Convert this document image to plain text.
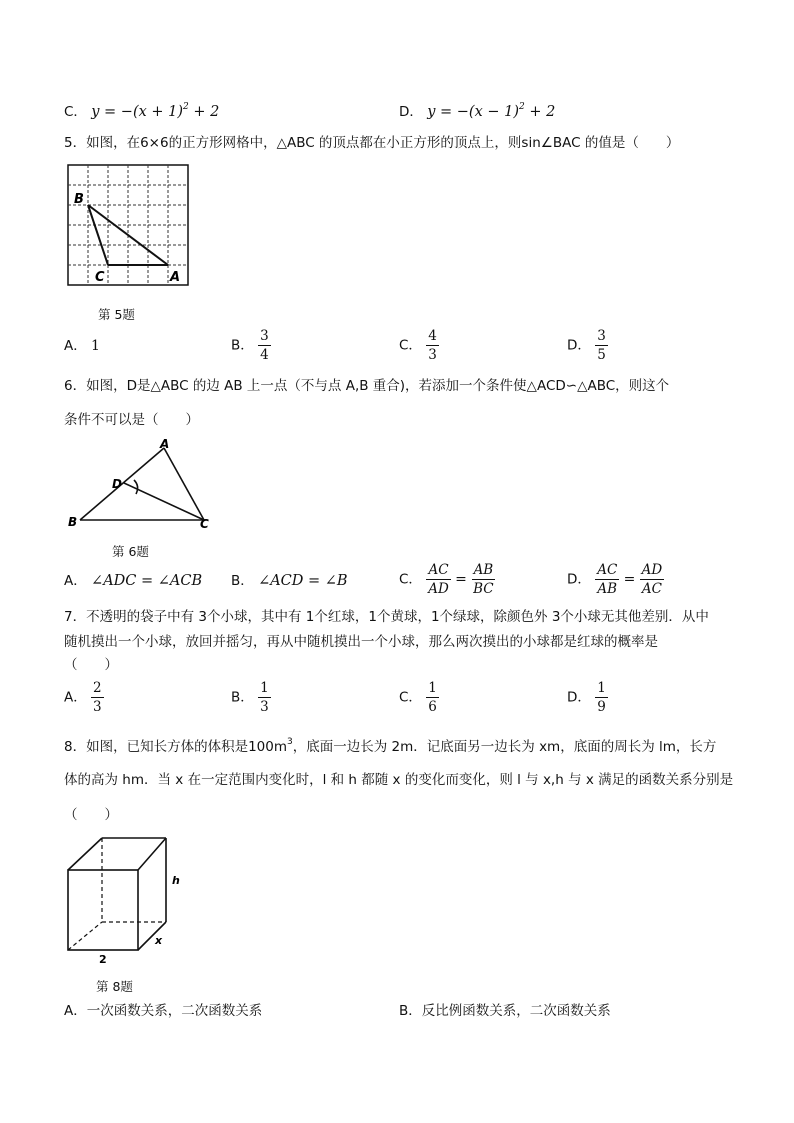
C． $y = -(x + 1)^2 + 2$	D． $y = -(x - 1)^2 + 2$
5．如图，在6×6的正方形网格中，△ABC 的顶点都在小正方形的顶点上，则sin∠BAC 的值是（　　）
B
C	A
第 5题
A． 1	B． $\frac{3}{4}$	C． $\frac{4}{3}$	D． $\frac{3}{5}$
6．如图，D是△ABC 的边 AB 上一点（不与点 A,B 重合)，若添加一个条件使△ACD∽△ABC，则这个
条件不可以是（　　）
A
D
B	C
第 6题
A． ∠ADC = ∠ACB B． ∠ACD = ∠B	C． $\frac{AC}{AD} = \frac{AB}{BC}$	D． $\frac{AC}{AB} = \frac{AD}{AC}$
7．不透明的袋子中有 3个小球，其中有 1个红球，1个黄球，1个绿球，除颜色外 3个小球无其他差别．从中
随机摸出一个小球，放回并摇匀，再从中随机摸出一个小球，那么两次摸出的小球都是红球的概率是
（　　）
A． $\frac{2}{3}$	B． $\frac{1}{3}$	C． $\frac{1}{6}$	D． $\frac{1}{9}$
8．如图，已知长方体的体积是$100m^3$，底面一边长为 2m．记底面另一边长为 xm，底面的周长为 lm，长方
体的高为 hm．当 x 在一定范围内变化时，l 和 h 都随 x 的变化而变化，则 l 与 x,h 与 x 满足的函数关系分别是
（　　）
h
x
2
第 8题
A．一次函数关系，二次函数关系	B．反比例函数关系，二次函数关系
